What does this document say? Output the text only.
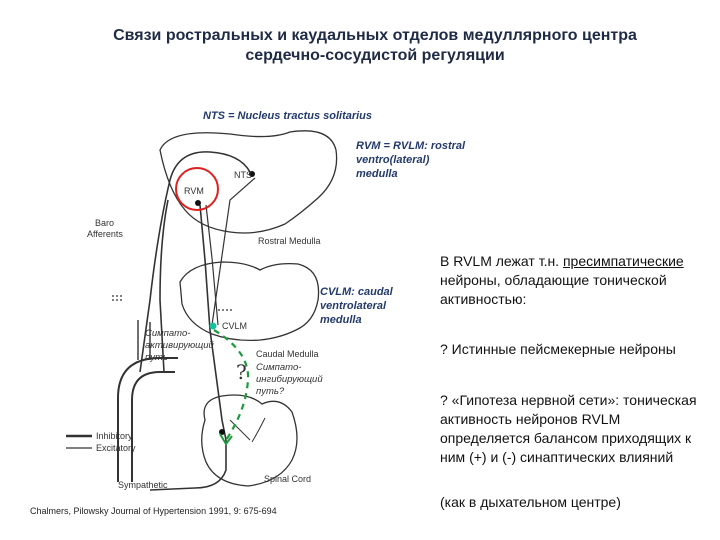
Связи ростральных и каудальных отделов медуллярного центра
сердечно-сосудистой регуляции
NTS
RVM
Baro
Afferents
Rostral Medulla
CVLM
Caudal Medulla
Spinal Cord
Inhibitory
Excitatory
Sympathetic
NTS = Nucleus tractus solitarius
RVM = RVLM: rostral ventro(lateral) medulla
CVLM: caudal ventrolateral medulla
Симпато-активирующий путь
Симпато-ингибирующий путь?
?
Chalmers, Pilowsky Journal of Hypertension 1991, 9: 675-694
В RVLM лежат т.н. пресимпатические нейроны, обладающие тонической активностью:
? Истинные пейсмекерные нейроны
? «Гипотеза нервной сети»: тоническая активность нейронов RVLM определяется балансом приходящих к ним (+) и (-) синаптических влияний
(как в дыхательном центре)
